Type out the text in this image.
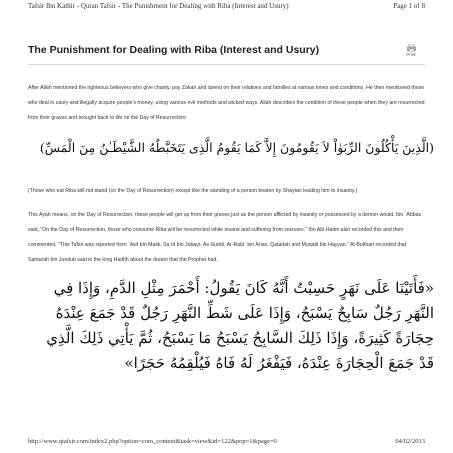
Tafsir Ibn Kathir - Quran Tafsir - The Punishment for Dealing with Riba (Interest and Usury)	Page 1 of 8
The Punishment for Dealing with Riba (Interest and Usury)	Print
After Allah mentioned the righteous believers who give charity, pay Zakah and spend on their relatives and families at various times and conditions, He then mentioned those who deal in usury and illegally acquire people's money, using various evil methods and wicked ways. Allah describes the condition of these people when they are resurrected from their graves and brought back to life on the Day of Resurrection:
(الَّذِينَ يَأْكُلُونَ الرِّبَوٰاْ لاَ يَقُومُونَ إِلاَّ كَمَا يَقُومُ الَّذِى يَتَخَبَّطُهُ الشَّيْطَـٰنُ مِنَ الْمَسِّ)
(Those who eat Riba will not stand (on the Day of Resurrection) except like the standing of a person beaten by Shaytan leading him to insanity.)
This Ayah means, on the Day of Resurrection, these people will get up from their graves just as the person afflicted by insanity or possessed by a demon would. Ibn `Abbas said, "On the Day of Resurrection, those who consume Riba will be resurrected while insane and suffering from seizures." Ibn Abi Hatim also recorded this and then commented, "This Tafsir was reported from `Awf bin Malik, Sa`id bin Jubayr, As-Suddi, Ar-Rabi` bin Anas, Qatadah and Muqatil bin Hayyan." Al-Bukhari recorded that Samurah bin Jundub said in the long Hadith about the dream that the Prophet had,
«فَأَتَيْنَا عَلَى نَهَرٍ حَسِبْتُ أَنَّهُ كَانَ يَقُولُ: أَحْمَرَ مِثْلِ الدَّمِ، وَإِذَا فِي النَّهَرِ رَجُلٌ سَابِحٌ يَسْبَحُ، وَإِذَا عَلَى شَطِّ النَّهَرِ رَجُلٌ قَدْ جَمَعَ عِنْدَهُ حِجَارَةً كَثِيرَةً، وَإِذَا ذَلِكَ السَّابِحُ يَسْبَحُ مَا يَسْبَحُ، ثُمَّ يَأْتِي ذَلِكَ الَّذِي قَدْ جَمَعَ الْحِجَارَةَ عِنْدَهُ، فَيَفْغَرُ لَهُ فَاهُ فَيُلْقِمُهُ حَجَرًا»
http://www.qtafsir.com/index2.php?option=com_content&task=view&id=122&pop=1&page=0	04/02/2013
